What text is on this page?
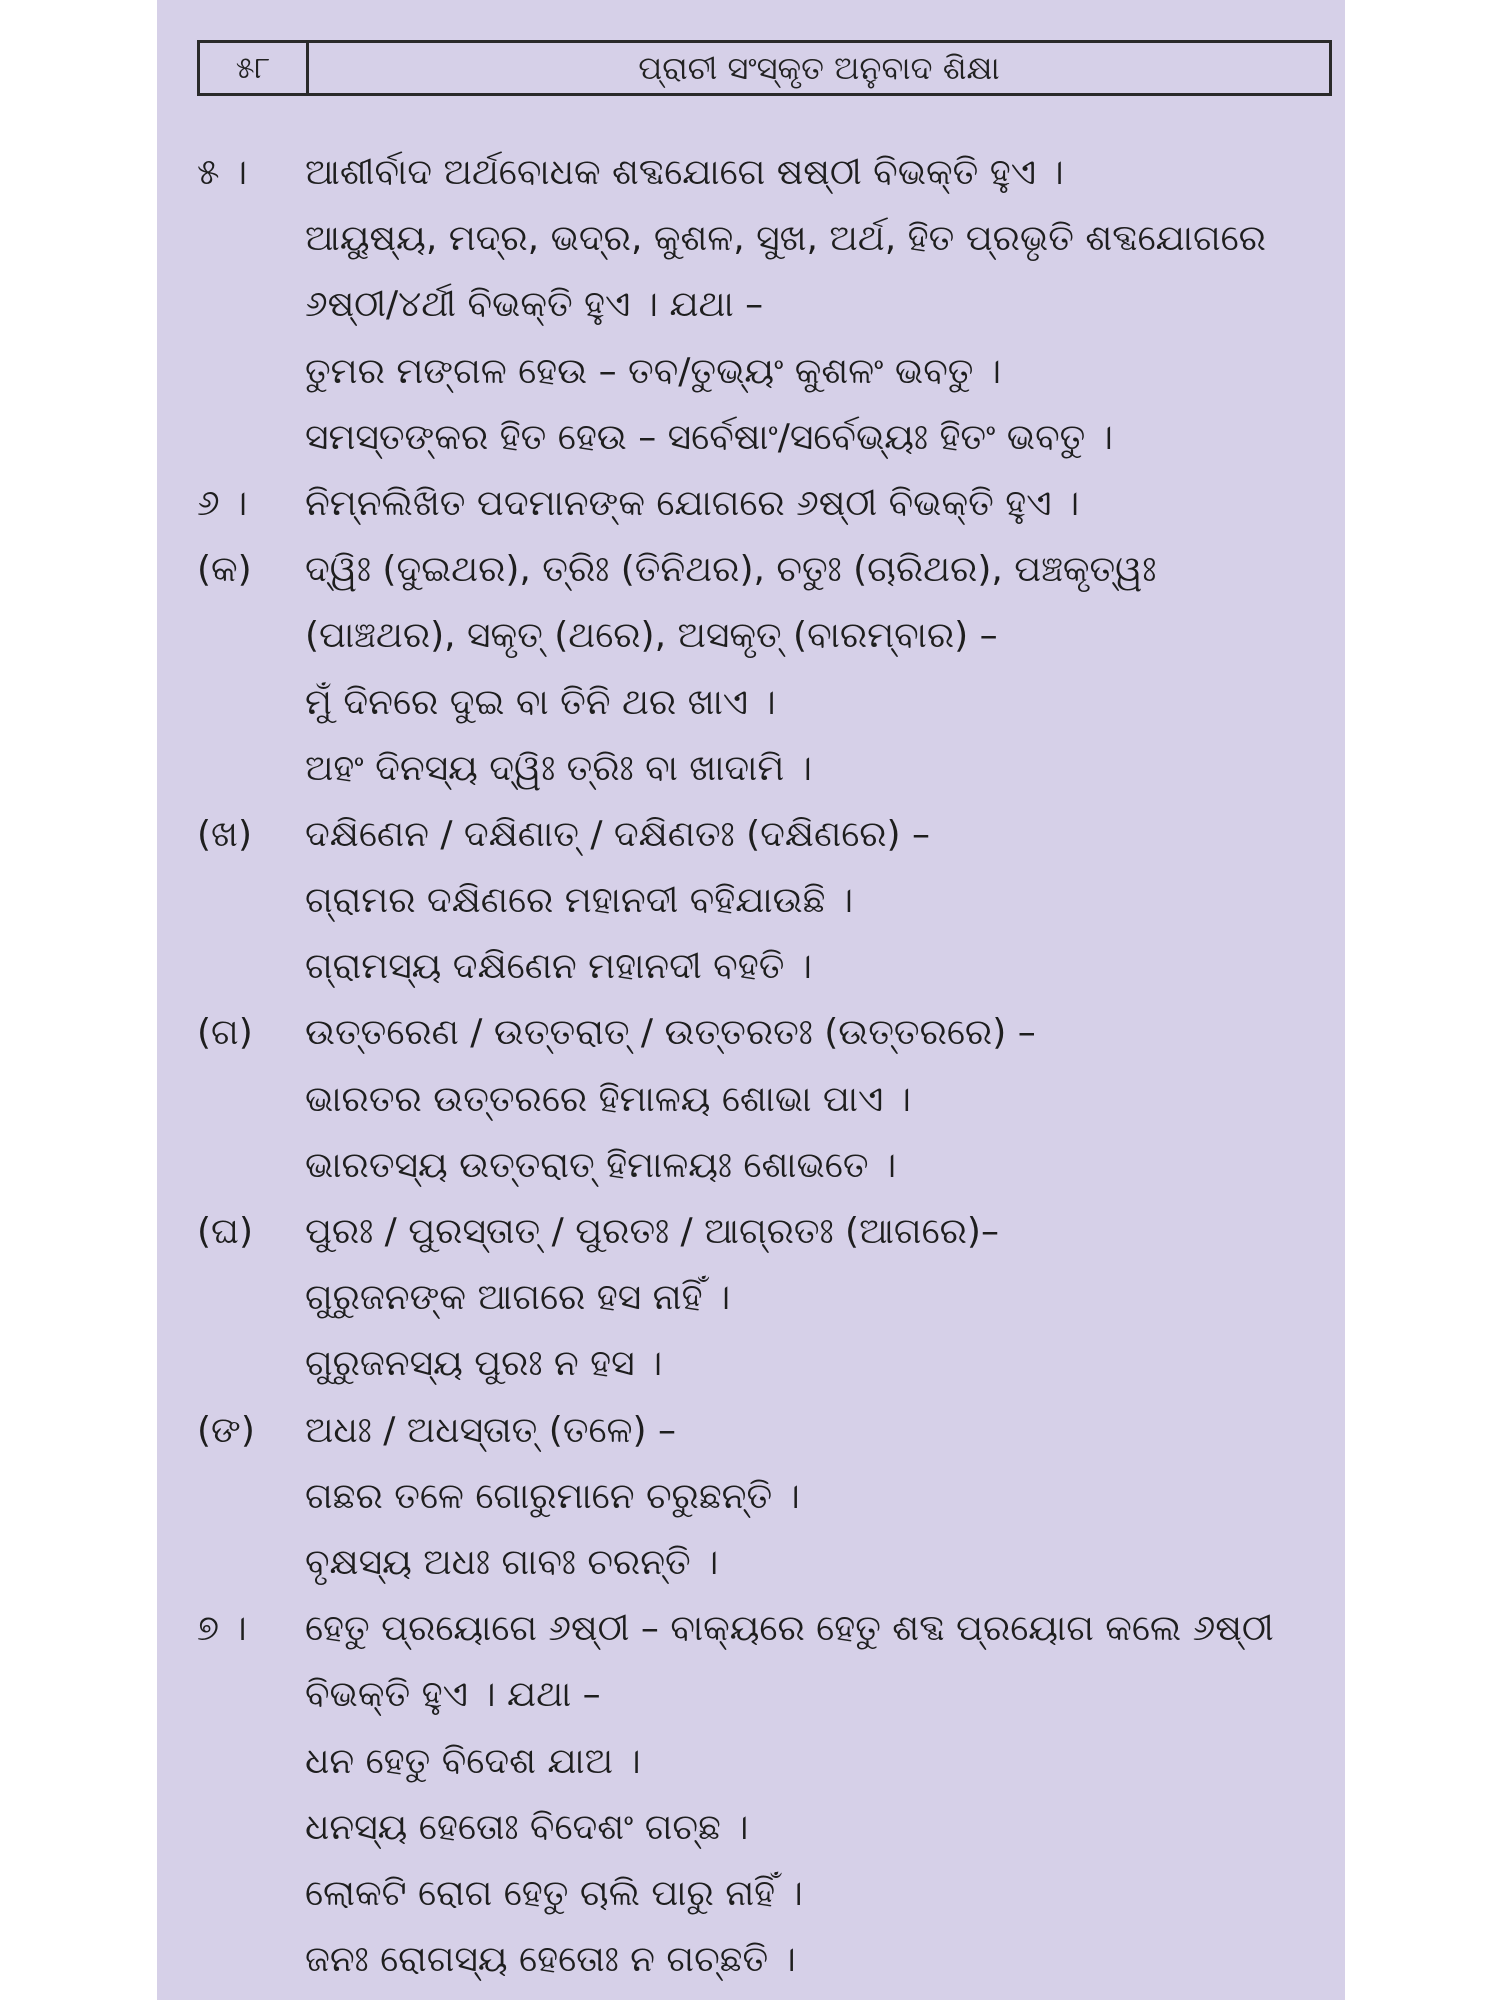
୫୮	ପ୍ରାଚୀ ସଂସ୍କୃତ ଅନୁବାଦ ଶିକ୍ଷା
୫ । ଆଶୀର୍ବାଦ ଅର୍ଥବୋଧକ ଶବ୍ଦଯୋଗେ ଷଷ୍ଠୀ ବିଭକ୍ତି ହୁଏ ।
ଆୟୁଷ୍ୟ, ମଦ୍ର, ଭଦ୍ର, କୁଶଳ, ସୁଖ, ଅର୍ଥ, ହିତ ପ୍ରଭୃତି ଶବ୍ଦଯୋଗରେ
୬ଷ୍ଠୀ/୪ର୍ଥୀ ବିଭକ୍ତି ହୁଏ । ଯଥା –
ତୁମର ମଙ୍ଗଳ ହେଉ – ତବ/ତୁଭ୍ୟଂ କୁଶଳଂ ଭବତୁ ।
ସମସ୍ତଙ୍କର ହିତ ହେଉ – ସର୍ବେଷାଂ/ସର୍ବେଭ୍ୟଃ ହିତଂ ଭବତୁ ।
୬ । ନିମ୍ନଲିଖିତ ପଦମାନଙ୍କ ଯୋଗରେ ୬ଷ୍ଠୀ ବିଭକ୍ତି ହୁଏ ।
(କ) ଦ୍ୱିଃ (ଦୁଇଥର), ତ୍ରିଃ (ତିନିଥର), ଚତୁଃ (ଚାରିଥର), ପଞ୍ଚକୃତ୍ୱଃ
(ପାଞ୍ଚଥର), ସକୃତ୍ (ଥରେ), ଅସକୃତ୍ (ବାରମ୍ବାର) –
ମୁଁ ଦିନରେ ଦୁଇ ବା ତିନି ଥର ଖାଏ ।
ଅହଂ ଦିନସ୍ୟ ଦ୍ୱିଃ ତ୍ରିଃ ବା ଖାଦାମି ।
(ଖ) ଦକ୍ଷିଣେନ / ଦକ୍ଷିଣାତ୍ / ଦକ୍ଷିଣତଃ (ଦକ୍ଷିଣରେ) –
ଗ୍ରାମର ଦକ୍ଷିଣରେ ମହାନଦୀ ବହିଯାଉଛି ।
ଗ୍ରାମସ୍ୟ ଦକ୍ଷିଣେନ ମହାନଦୀ ବହତି ।
(ଗ) ଉତ୍ତରେଣ / ଉତ୍ତରାତ୍ / ଉତ୍ତରତଃ (ଉତ୍ତରରେ) –
ଭାରତର ଉତ୍ତରରେ ହିମାଳୟ ଶୋଭା ପାଏ ।
ଭାରତସ୍ୟ ଉତ୍ତରାତ୍ ହିମାଳୟଃ ଶୋଭତେ ।
(ଘ) ପୁରଃ / ପୁରସ୍ତାତ୍ / ପୁରତଃ / ଆଗ୍ରତଃ (ଆଗରେ)–
ଗୁରୁଜନଙ୍କ ଆଗରେ ହସ ନାହିଁ ।
ଗୁରୁଜନସ୍ୟ ପୁରଃ ନ ହସ ।
(ଙ) ଅଧଃ / ଅଧସ୍ତାତ୍ (ତଳେ) –
ଗଛର ତଳେ ଗୋରୁମାନେ ଚରୁଛନ୍ତି ।
ବୃକ୍ଷସ୍ୟ ଅଧଃ ଗାବଃ ଚରନ୍ତି ।
୭ । ହେତୁ ପ୍ରୟୋଗେ ୬ଷ୍ଠୀ – ବାକ୍ୟରେ ହେତୁ ଶବ୍ଦ ପ୍ରୟୋଗ କଲେ ୬ଷ୍ଠୀ
ବିଭକ୍ତି ହୁଏ । ଯଥା –
ଧନ ହେତୁ ବିଦେଶ ଯାଅ ।
ଧନସ୍ୟ ହେତୋଃ ବିଦେଶଂ ଗଚ୍ଛ ।
ଲୋକଟି ରୋଗ ହେତୁ ଚାଲି ପାରୁ ନାହିଁ ।
ଜନଃ ରୋଗସ୍ୟ ହେତୋଃ ନ ଗଚ୍ଛତି ।
